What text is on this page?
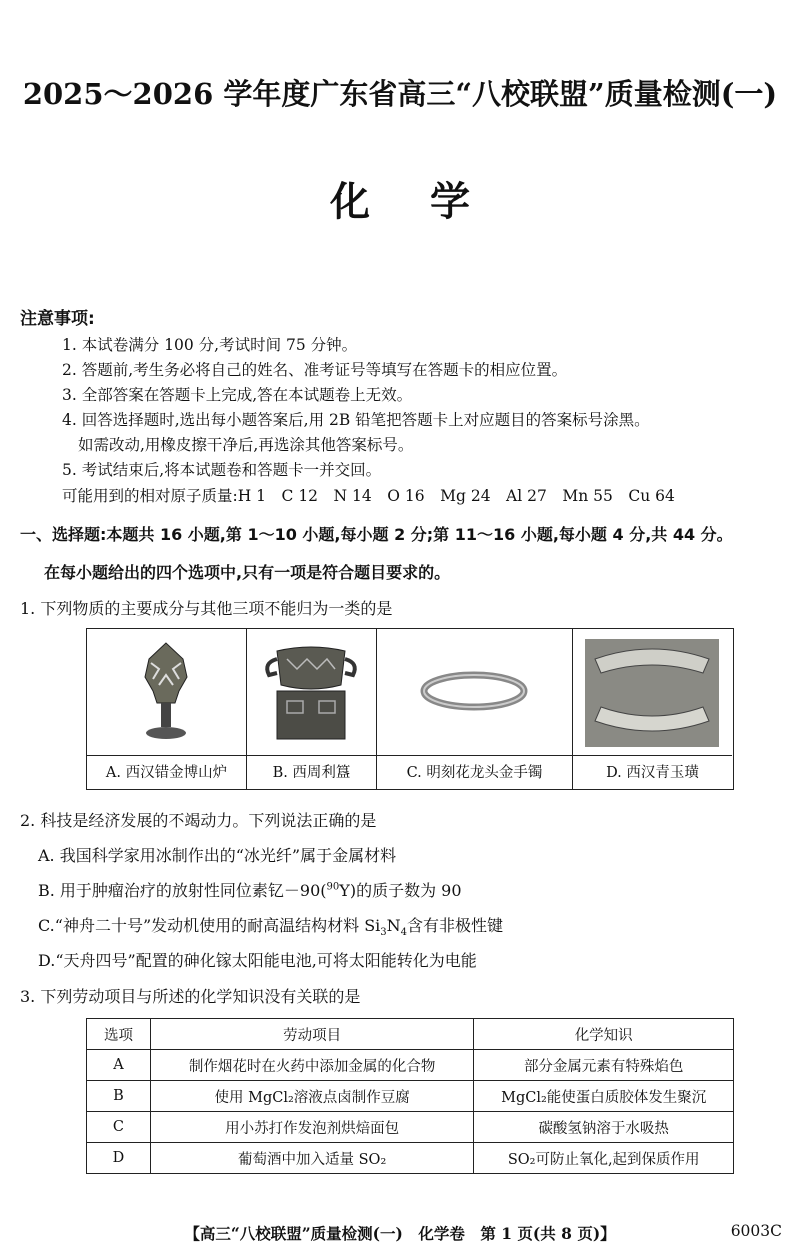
2025～2026 学年度广东省高三“八校联盟”质量检测(一)
化学
注意事项:
1. 本试卷满分 100 分,考试时间 75 分钟。
2. 答题前,考生务必将自己的姓名、准考证号等填写在答题卡的相应位置。
3. 全部答案在答题卡上完成,答在本试题卷上无效。
4. 回答选择题时,选出每小题答案后,用 2B 铅笔把答题卡上对应题目的答案标号涂黑。
如需改动,用橡皮擦干净后,再选涂其他答案标号。
5. 考试结束后,将本试题卷和答题卡一并交回。
可能用到的相对原子质量:H 1　C 12　N 14　O 16　Mg 24　Al 27　Mn 55　Cu 64
一、选择题:本题共 16 小题,第 1～10 小题,每小题 2 分;第 11～16 小题,每小题 4 分,共 44 分。
在每小题给出的四个选项中,只有一项是符合题目要求的。
1. 下列物质的主要成分与其他三项不能归为一类的是
A. 西汉错金博山炉	B. 西周利簋	C. 明刻花龙头金手镯	D. 西汉青玉璜
2. 科技是经济发展的不竭动力。下列说法正确的是
A. 我国科学家用冰制作出的“冰光纤”属于金属材料
B. 用于肿瘤治疗的放射性同位素钇－90($^{90}$Y)的质子数为 90
C.“神舟二十号”发动机使用的耐高温结构材料 $Si_3N_4$含有非极性键
D.“天舟四号”配置的砷化镓太阳能电池,可将太阳能转化为电能
3. 下列劳动项目与所述的化学知识没有关联的是
选项	劳动项目	化学知识
A	制作烟花时在火药中添加金属的化合物	部分金属元素有特殊焰色
B	使用 MgCl₂溶液点卤制作豆腐	MgCl₂能使蛋白质胶体发生聚沉
C	用小苏打作发泡剂烘焙面包	碳酸氢钠溶于水吸热
D	葡萄酒中加入适量 SO₂	SO₂可防止氧化,起到保质作用
【高三“八校联盟”质量检测(一)　化学卷　第 1 页(共 8 页)】	6003C
